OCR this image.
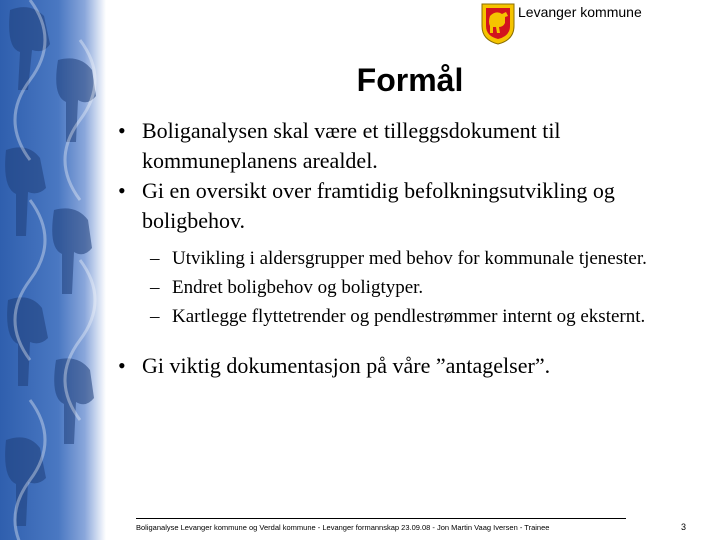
Levanger kommune
Formål
• Boliganalysen skal være et tilleggsdokument til kommuneplanens arealdel.
• Gi en oversikt over framtidig befolkningsutvikling og boligbehov.
– Utvikling i aldersgrupper med behov for kommunale tjenester.
– Endret boligbehov og boligtyper.
– Kartlegge flyttetrender og pendlestrømmer internt og eksternt.
• Gi viktig dokumentasjon på våre ”antagelser”.
Boliganalyse Levanger kommune og Verdal kommune - Levanger formannskap 23.09.08 - Jon Martin Vaag Iversen - Trainee	3
